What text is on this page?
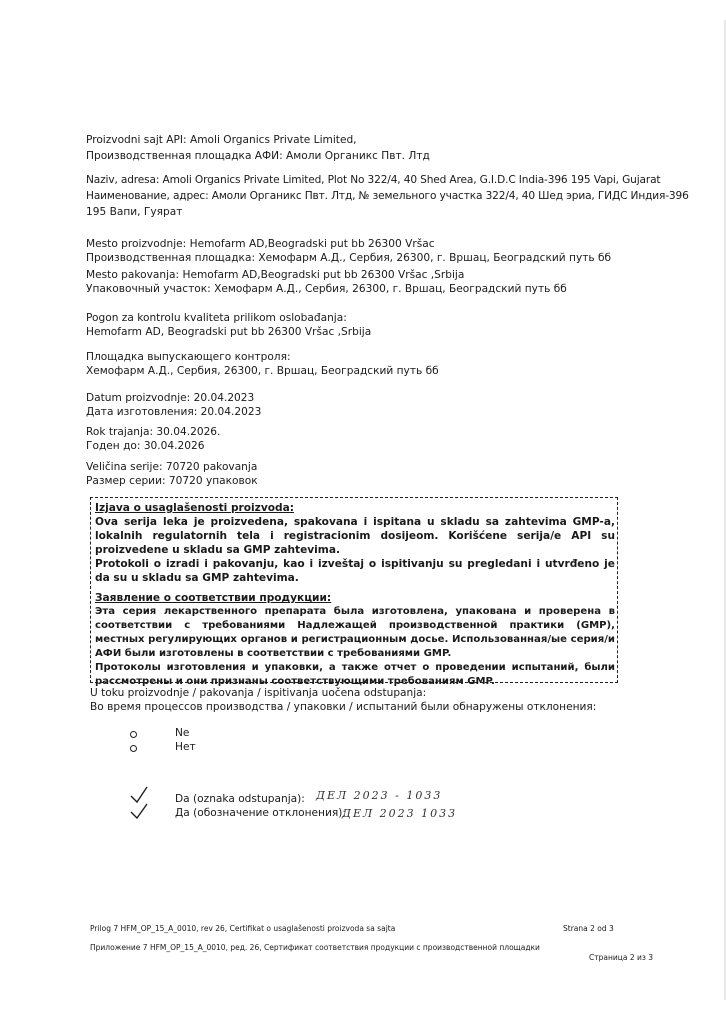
Proizvodni sajt API: Amoli Organics Private Limited,
Производственная площадка АФИ: Амоли Органикс Пвт. Лтд
Naziv, adresa: Amoli Organics Private Limited, Plot No 322/4, 40 Shed Area, G.I.D.C India-396 195 Vapi, Gujarat
Наименование, адрес: Амоли Органикс Пвт. Лтд, № земельного участка 322/4, 40 Шед эриа, ГИДС Индия-396
195 Вапи, Гуярат
Mesto proizvodnje: Hemofarm AD,Beogradski put bb 26300 Vršac
Производственная площадка: Хемофарм А.Д., Сербия, 26300, г. Вршац, Београдский путь бб
Mesto pakovanja: Hemofarm AD,Beogradski put bb 26300 Vršac ,Srbija
Упаковочный участок: Хемофарм А.Д., Сербия, 26300, г. Вршац, Београдский путь бб
Pogon za kontrolu kvaliteta prilikom oslobađanja:
Hemofarm AD, Beogradski put bb 26300 Vršac ,Srbija
Площадка выпускающего контроля:
Хемофарм А.Д., Сербия, 26300, г. Вршац, Београдский путь бб
Datum proizvodnje: 20.04.2023
Дата изготовления: 20.04.2023
Rok trajanja: 30.04.2026.
Годен до: 30.04.2026
Veličina serije: 70720 pakovanja
Размер серии: 70720 упаковок
Izjava o usaglašenosti proizvoda:

Ova serija leka je proizvedena, spakovana i ispitana u skladu sa zahtevima GMP-a, lokalnih regulatornih tela i registracionim dosijeom. Korišćene serija/e API su proizvedene u skladu sa GMP zahtevima.

Protokoli o izradi i pakovanju, kao i izveštaj o ispitivanju su pregledani i utvrđeno je da su u skladu sa GMP zahtevima.

Заявление о соответствии продукции:

Эта серия лекарственного препарата была изготовлена, упакована и проверена в соответствии с требованиями Надлежащей производственной практики (GMP), местных регулирующих органов и регистрационным досье. Использованная/ые серия/и АФИ были изготовлены в соответствии с требованиями GMP.

Протоколы изготовления и упаковки, а также отчет о проведении испытаний, были рассмотрены и они признаны соответствующими требованиям GMP.

U toku proizvodnje / pakovanja / ispitivanja uočena odstupanja:
Во время процессов производства / упаковки / испытаний были обнаружены отклонения:
Ne
Нет
Da (oznaka odstupanja):
Да (обозначение отклонения):
ДЕЛ 2023 - 1033
ДЕЛ 2023 1033
Prilog 7 HFM_OP_15_A_0010, rev 26, Certifikat o usaglašenosti proizvoda sa sajta	Strana 2 od 3
Приложение 7 HFM_OP_15_A_0010, ред. 26, Сертификат соответствия продукции с производственной площадки
Страница 2 из 3
